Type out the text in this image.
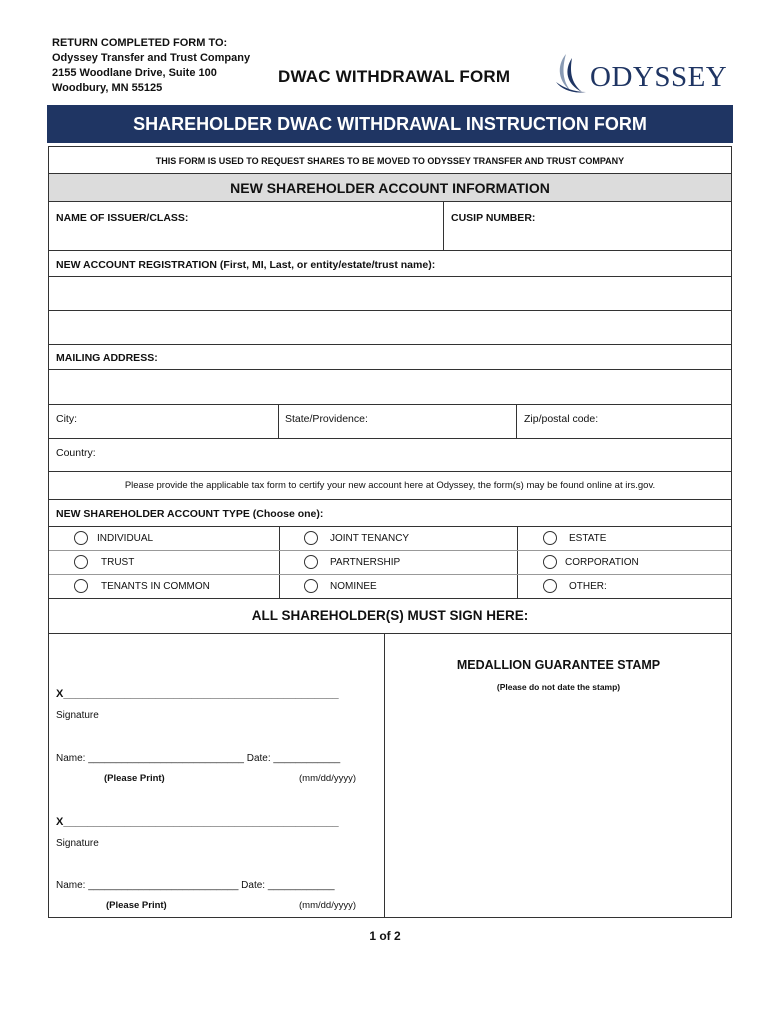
RETURN COMPLETED FORM TO:
Odyssey Transfer and Trust Company
2155 Woodlane Drive, Suite 100
Woodbury, MN 55125
DWAC WITHDRAWAL FORM	ODYSSEY
SHAREHOLDER DWAC WITHDRAWAL INSTRUCTION FORM
THIS FORM IS USED TO REQUEST SHARES TO BE MOVED TO ODYSSEY TRANSFER AND TRUST COMPANY
NEW SHAREHOLDER ACCOUNT INFORMATION
NAME OF ISSUER/CLASS:	CUSIP NUMBER:
NEW ACCOUNT REGISTRATION (First, MI, Last, or entity/estate/trust name):
MAILING ADDRESS:
City:	State/Providence:	Zip/postal code:
Country:
Please provide the applicable tax form to certify your new account here at Odyssey, the form(s) may be found online at irs.gov.
NEW SHAREHOLDER ACCOUNT TYPE (Choose one):
INDIVIDUAL	JOINT TENANCY	ESTATE
TRUST	PARTNERSHIP	CORPORATION
TENANTS IN COMMON	NOMINEE	OTHER:
ALL SHAREHOLDER(S) MUST SIGN HERE:
X_____________________________________________
Signature
Name: ____________________________ Date: ____________
(Please Print)	(mm/dd/yyyy)
X_____________________________________________
Signature
Name: ___________________________ Date: ____________
(Please Print)	(mm/dd/yyyy)
MEDALLION GUARANTEE STAMP
(Please do not date the stamp)
1 of 2
